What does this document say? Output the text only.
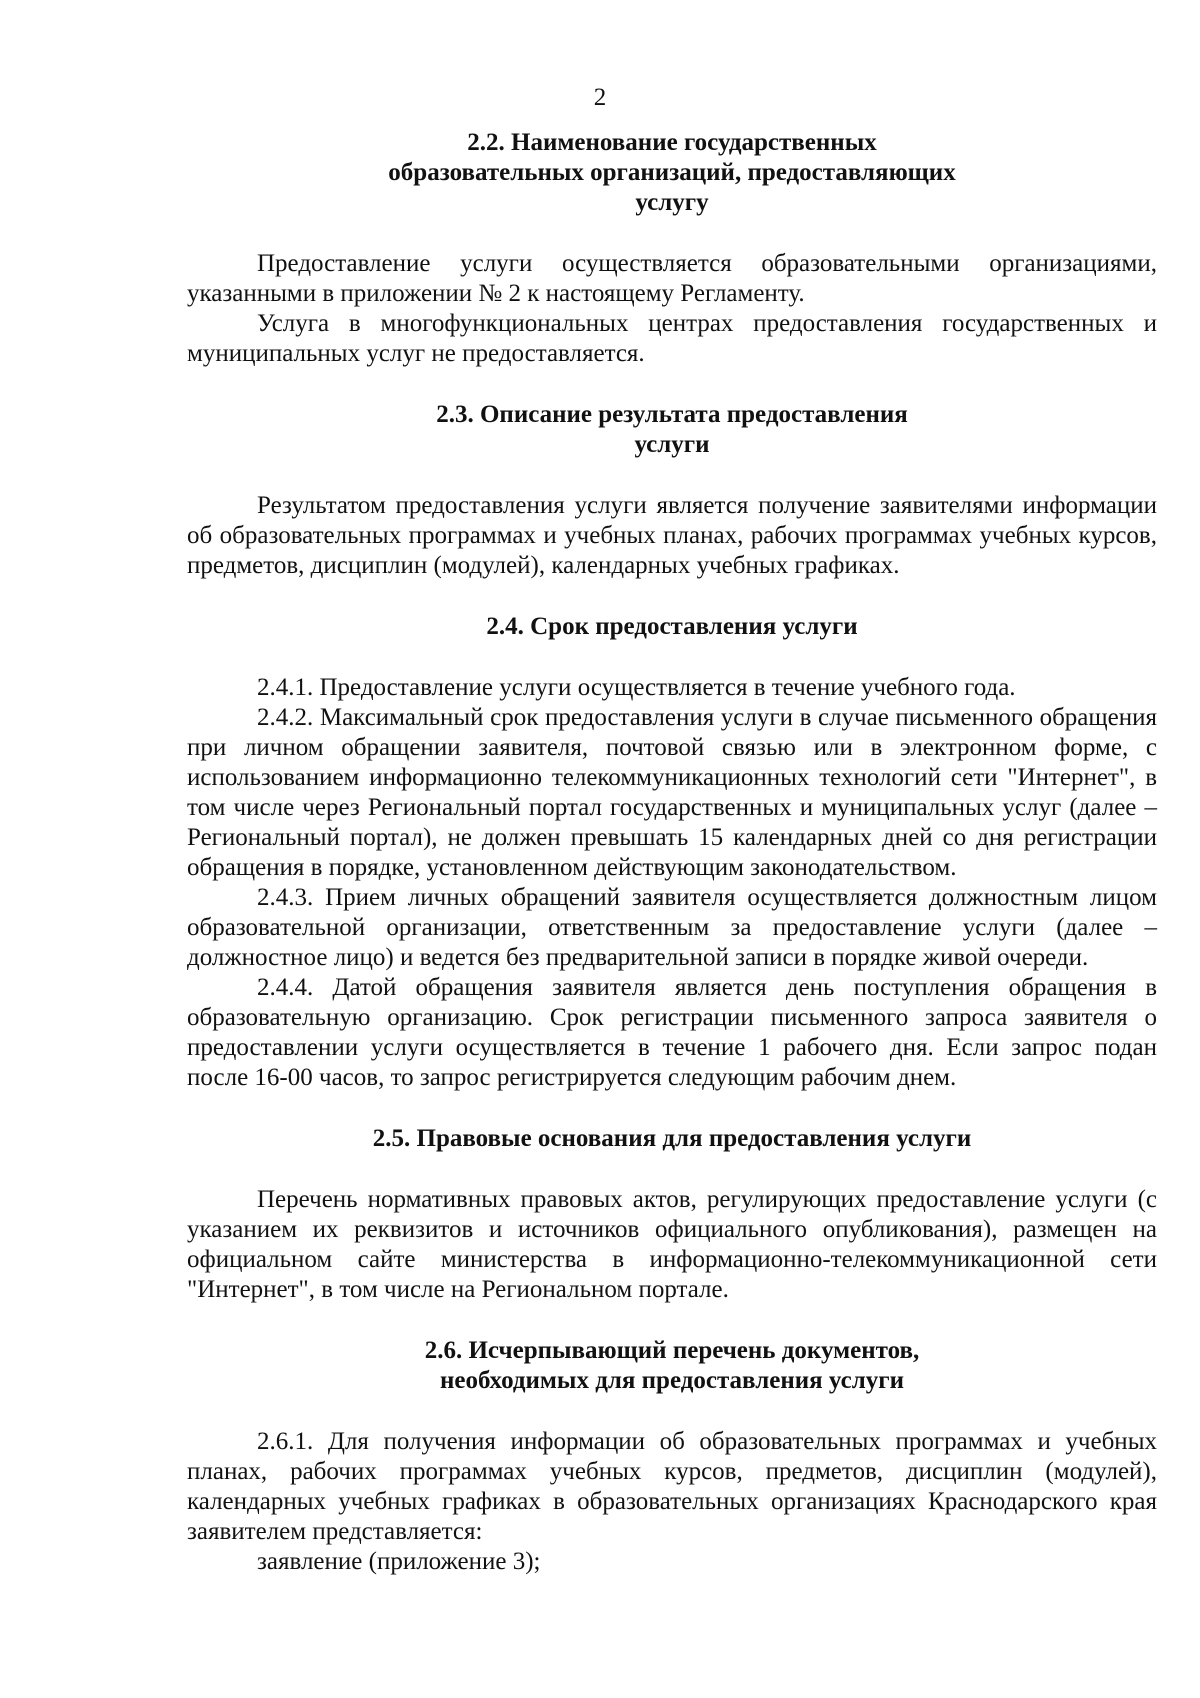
2

2.2. Наименование государственных
образовательных организаций, предоставляющих
услугу

Предоставление услуги осуществляется образовательными организациями, указанными в приложении № 2 к настоящему Регламенту.

Услуга в многофункциональных центрах предоставления государственных и муниципальных услуг не предоставляется.

2.3. Описание результата предоставления
услуги

Результатом предоставления услуги является получение заявителями информации об образовательных программах и учебных планах, рабочих программах учебных курсов, предметов, дисциплин (модулей), календарных учебных графиках.

2.4. Срок предоставления услуги

2.4.1. Предоставление услуги осуществляется в течение учебного года.

2.4.2. Максимальный срок предоставления услуги в случае письменного обращения при личном обращении заявителя, почтовой связью или в электронном форме, с использованием информационно телекоммуникационных технологий сети "Интернет", в том числе через Региональный портал государственных и муниципальных услуг (далее – Региональный портал), не должен превышать 15 календарных дней со дня регистрации обращения в порядке, установленном действующим законодательством.

2.4.3. Прием личных обращений заявителя осуществляется должностным лицом образовательной организации, ответственным за предоставление услуги (далее – должностное лицо) и ведется без предварительной записи в порядке живой очереди.

2.4.4. Датой обращения заявителя является день поступления обращения в образовательную организацию. Срок регистрации письменного запроса заявителя о предоставлении услуги осуществляется в течение 1 рабочего дня. Если запрос подан после 16-00 часов, то запрос регистрируется следующим рабочим днем.

2.5. Правовые основания для предоставления услуги

Перечень нормативных правовых актов, регулирующих предоставление услуги (с указанием их реквизитов и источников официального опубликования), размещен на официальном сайте министерства в информационно-телекоммуникационной сети "Интернет", в том числе на Региональном портале.

2.6. Исчерпывающий перечень документов,
необходимых для предоставления услуги

2.6.1. Для получения информации об образовательных программах и учебных планах, рабочих программах учебных курсов, предметов, дисциплин (модулей), календарных учебных графиках в образовательных организациях Краснодарского края заявителем представляется:

заявление (приложение 3);
